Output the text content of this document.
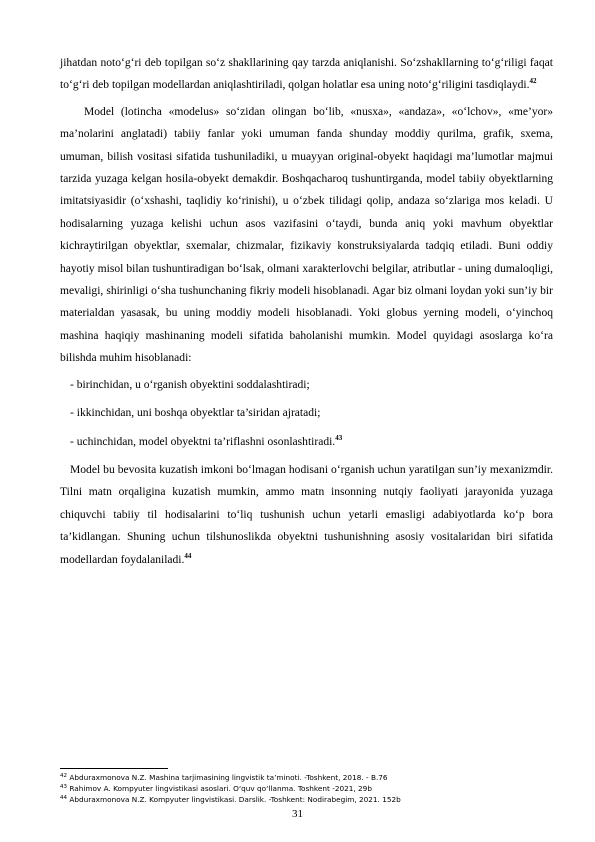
jihatdan noto‘g‘ri deb topilgan so‘z shakllarining qay tarzda aniqlanishi. So‘zshakllarning to‘g‘riligi faqat to‘g‘ri deb topilgan modellardan aniqlashtiriladi, qolgan holatlar esa uning noto‘g‘riligini tasdiqlaydi.$^{42}$

Model (lotincha «modelus» so‘zidan olingan bo‘lib, «nusxa», «andaza», «o‘lchov», «me’yor» ma’nolarini anglatadi) tabiiy fanlar yoki umuman fanda shunday moddiy qurilma, grafik, sxema, umuman, bilish vositasi sifatida tushuniladiki, u muayyan original-obyekt haqidagi ma’lumotlar majmui tarzida yuzaga kelgan hosila-obyekt demakdir. Boshqacharoq tushuntirganda, model tabiiy obyektlarning imitatsiyasidir (o‘xshashi, taqlidiy ko‘rinishi), u o‘zbek tilidagi qolip, andaza so‘zlariga mos keladi. U hodisalarning yuzaga kelishi uchun asos vazifasini o‘taydi, bunda aniq yoki mavhum obyektlar kichraytirilgan obyektlar, sxemalar, chizmalar, fizikaviy konstruksiyalarda tadqiq etiladi. Buni oddiy hayotiy misol bilan tushuntiradigan bo‘lsak, olmani xarakterlovchi belgilar, atributlar - uning dumaloqligi, mevaligi, shirinligi o‘sha tushunchaning fikriy modeli hisoblanadi. Agar biz olmani loydan yoki sun’iy bir materialdan yasasak, bu uning moddiy modeli hisoblanadi. Yoki globus yerning modeli, o‘yinchoq mashina haqiqiy mashinaning modeli sifatida baholanishi mumkin. Model quyidagi asoslarga ko‘ra bilishda muhim hisoblanadi:

- birinchidan, u o‘rganish obyektini soddalashtiradi;

- ikkinchidan, uni boshqa obyektlar ta’siridan ajratadi;

- uchinchidan, model obyektni ta’riflashni osonlashtiradi.$^{43}$

Model bu bevosita kuzatish imkoni bo‘lmagan hodisani o‘rganish uchun yaratilgan sun’iy mexanizmdir. Tilni matn orqaligina kuzatish mumkin, ammo matn insonning nutqiy faoliyati jarayonida yuzaga chiquvchi tabiiy til hodisalarini to‘liq tushunish uchun yetarli emasligi adabiyotlarda ko‘p bora ta’kidlangan. Shuning uchun tilshunoslikda obyektni tushunishning asosiy vositalaridan biri sifatida modellardan foydalaniladi.$^{44}$

$^{42}$ Abduraxmonova N.Z. Mashina tarjimasining lingvistik ta’minoti. -Toshkent, 2018. - B.76

$^{43}$ Rahimov A. Kompyuter lingvistikasi asoslari. O‘quv qo‘llanma. Toshkent -2021, 29b

$^{44}$ Abduraxmonova N.Z. Kompyuter lingvistikasi. Darslik. -Toshkent: Nodirabegim, 2021. 152b

31
